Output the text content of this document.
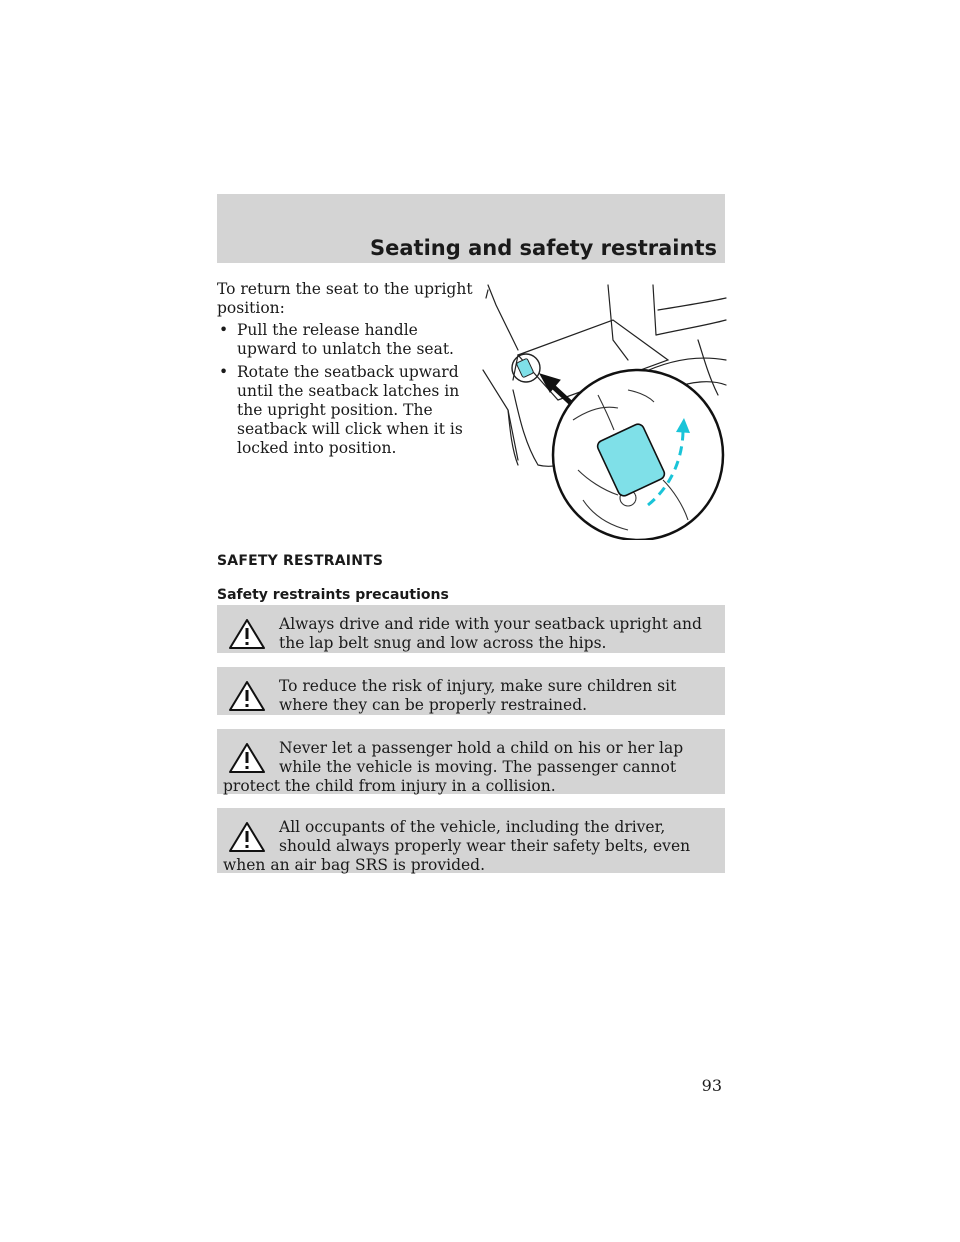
Seating and safety restraints

To return the seat to the upright position:

• Pull the release handle upward to unlatch the seat.
• Rotate the seatback upward until the seatback latches in the upright position. The seatback will click when it is locked into position.
SAFETY RESTRAINTS
Safety restraints precautions

Always drive and ride with your seatback upright and the lap belt snug and low across the hips.

To reduce the risk of injury, make sure children sit where they can be properly restrained.

Never let a passenger hold a child on his or her lap while the vehicle is moving. The passenger cannot protect the child from injury in a collision.

All occupants of the vehicle, including the driver, should always properly wear their safety belts, even when an air bag SRS is provided.

93
